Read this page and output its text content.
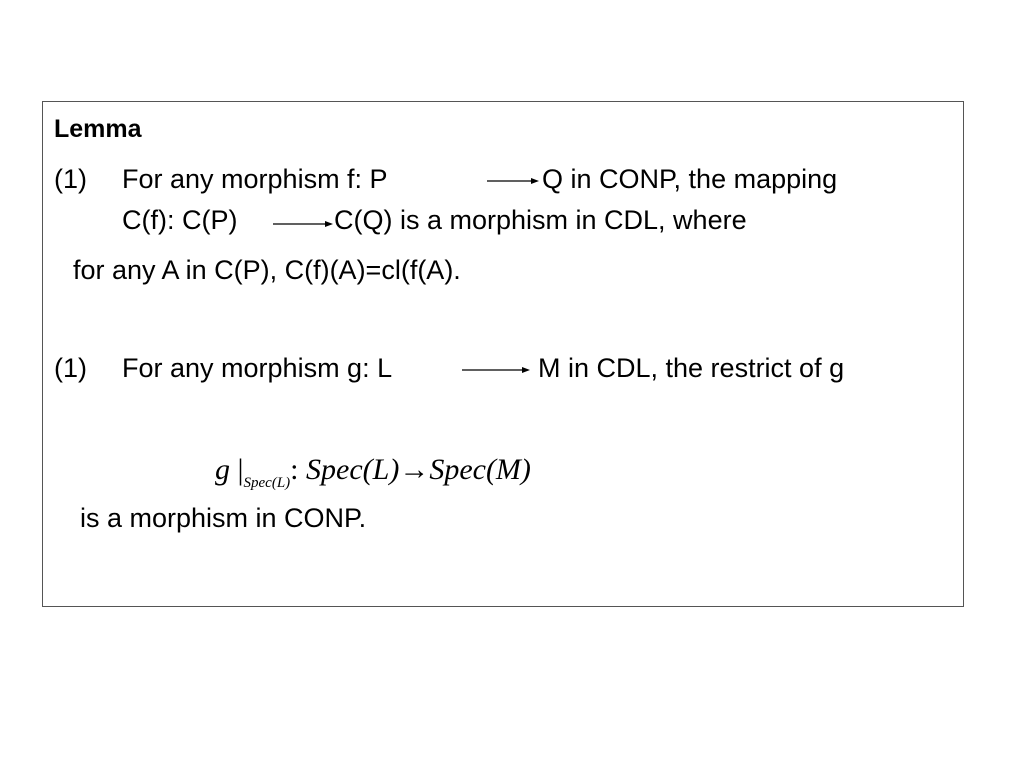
Lemma
(1) For any morphism f: P	Q in CONP, the mapping
C(f): C(P)	C(Q) is a morphism in CDL, where
for any A in C(P), C(f)(A)=cl(f(A).
(1) For any morphism g: L	M in CDL, the restrict of g
g $|_{Spec(L)}$: Spec(L)→Spec(M)
is a morphism in CONP.
